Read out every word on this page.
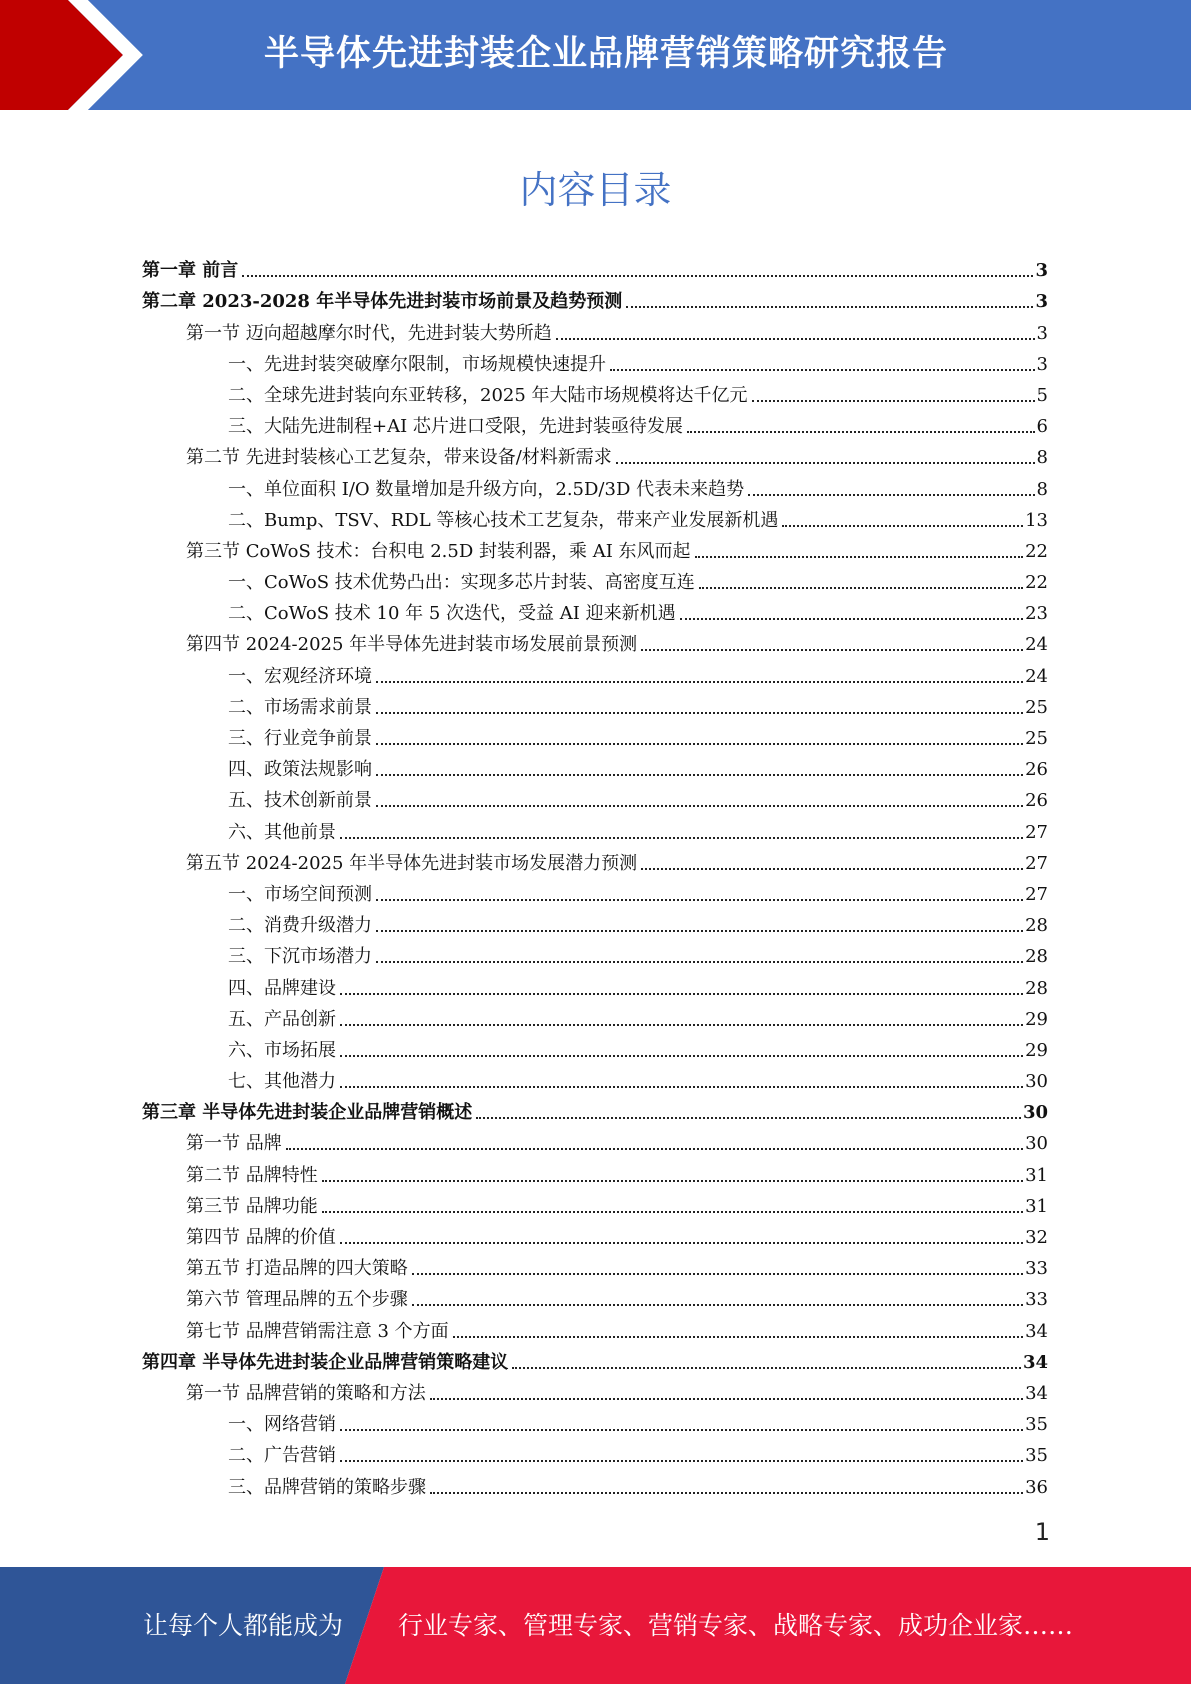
半导体先进封装企业品牌营销策略研究报告
内容目录
第一章 前言	3
第二章 2023-2028 年半导体先进封装市场前景及趋势预测	3
第一节 迈向超越摩尔时代，先进封装大势所趋	3
一、先进封装突破摩尔限制，市场规模快速提升	3
二、全球先进封装向东亚转移，2025 年大陆市场规模将达千亿元	5
三、大陆先进制程+AI 芯片进口受限，先进封装亟待发展	6
第二节 先进封装核心工艺复杂，带来设备/材料新需求	8
一、单位面积 I/O 数量增加是升级方向，2.5D/3D 代表未来趋势	8
二、Bump、TSV、RDL 等核心技术工艺复杂，带来产业发展新机遇	13
第三节 CoWoS 技术：台积电 2.5D 封装利器，乘 AI 东风而起	22
一、CoWoS 技术优势凸出：实现多芯片封装、高密度互连	22
二、CoWoS 技术 10 年 5 次迭代，受益 AI 迎来新机遇	23
第四节 2024-2025 年半导体先进封装市场发展前景预测	24
一、宏观经济环境	24
二、市场需求前景	25
三、行业竞争前景	25
四、政策法规影响	26
五、技术创新前景	26
六、其他前景	27
第五节 2024-2025 年半导体先进封装市场发展潜力预测	27
一、市场空间预测	27
二、消费升级潜力	28
三、下沉市场潜力	28
四、品牌建设	28
五、产品创新	29
六、市场拓展	29
七、其他潜力	30
第三章 半导体先进封装企业品牌营销概述	30
第一节 品牌	30
第二节 品牌特性	31
第三节 品牌功能	31
第四节 品牌的价值	32
第五节 打造品牌的四大策略	33
第六节 管理品牌的五个步骤	33
第七节 品牌营销需注意 3 个方面	34
第四章 半导体先进封装企业品牌营销策略建议	34
第一节 品牌营销的策略和方法	34
一、网络营销	35
二、广告营销	35
三、品牌营销的策略步骤	36
1
让每个人都能成为 行业专家、管理专家、营销专家、战略专家、成功企业家……
